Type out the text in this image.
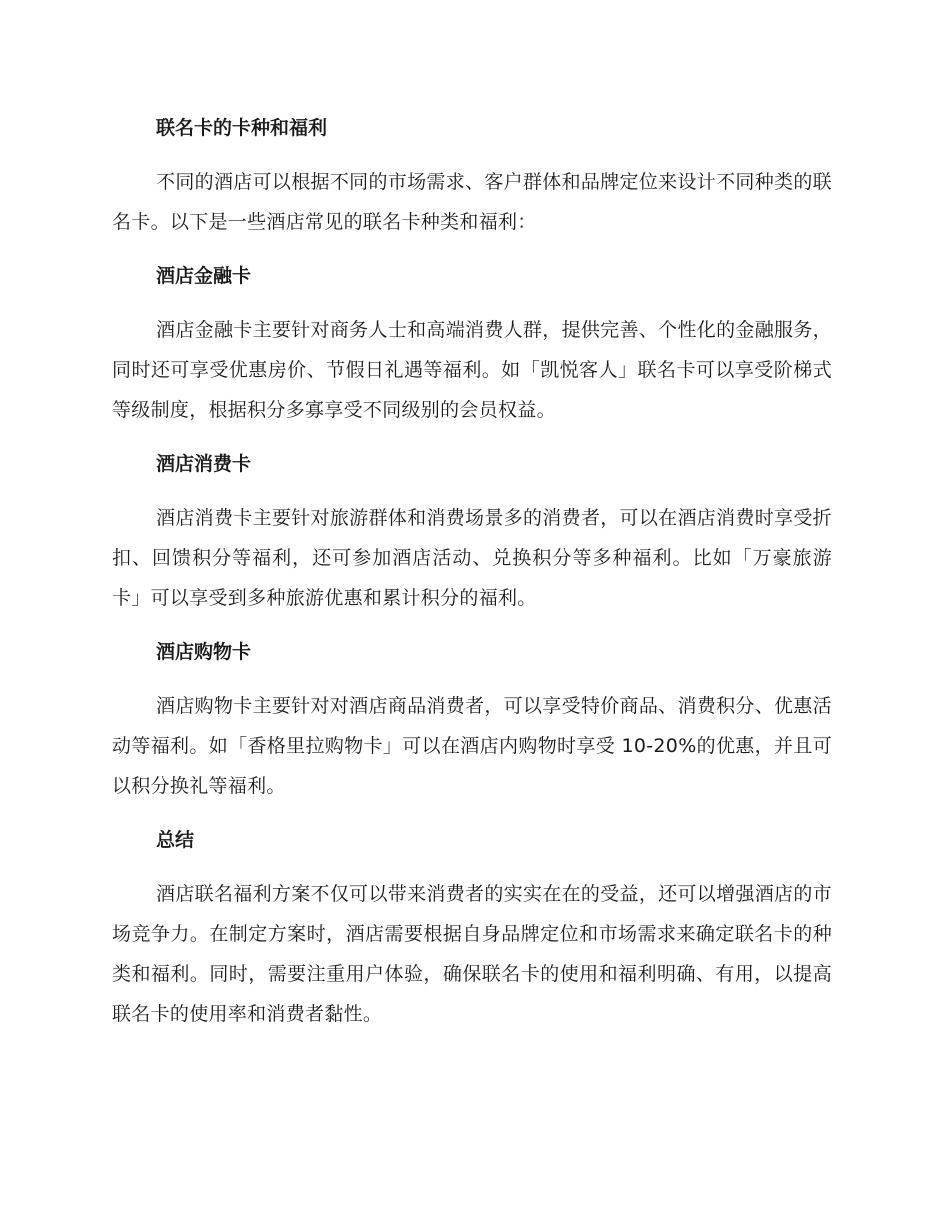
联名卡的卡种和福利
不同的酒店可以根据不同的市场需求、客户群体和品牌定位来设计不同种类的联名卡。以下是一些酒店常见的联名卡种类和福利：
酒店金融卡
酒店金融卡主要针对商务人士和高端消费人群，提供完善、个性化的金融服务，同时还可享受优惠房价、节假日礼遇等福利。如「凯悦客人」联名卡可以享受阶梯式等级制度，根据积分多寡享受不同级别的会员权益。
酒店消费卡
酒店消费卡主要针对旅游群体和消费场景多的消费者，可以在酒店消费时享受折扣、回馈积分等福利，还可参加酒店活动、兑换积分等多种福利。比如「万豪旅游卡」可以享受到多种旅游优惠和累计积分的福利。
酒店购物卡
酒店购物卡主要针对对酒店商品消费者，可以享受特价商品、消费积分、优惠活动等福利。如「香格里拉购物卡」可以在酒店内购物时享受 10-20%的优惠，并且可以积分换礼等福利。
总结
酒店联名福利方案不仅可以带来消费者的实实在在的受益，还可以增强酒店的市场竞争力。在制定方案时，酒店需要根据自身品牌定位和市场需求来确定联名卡的种类和福利。同时，需要注重用户体验，确保联名卡的使用和福利明确、有用，以提高联名卡的使用率和消费者黏性。
